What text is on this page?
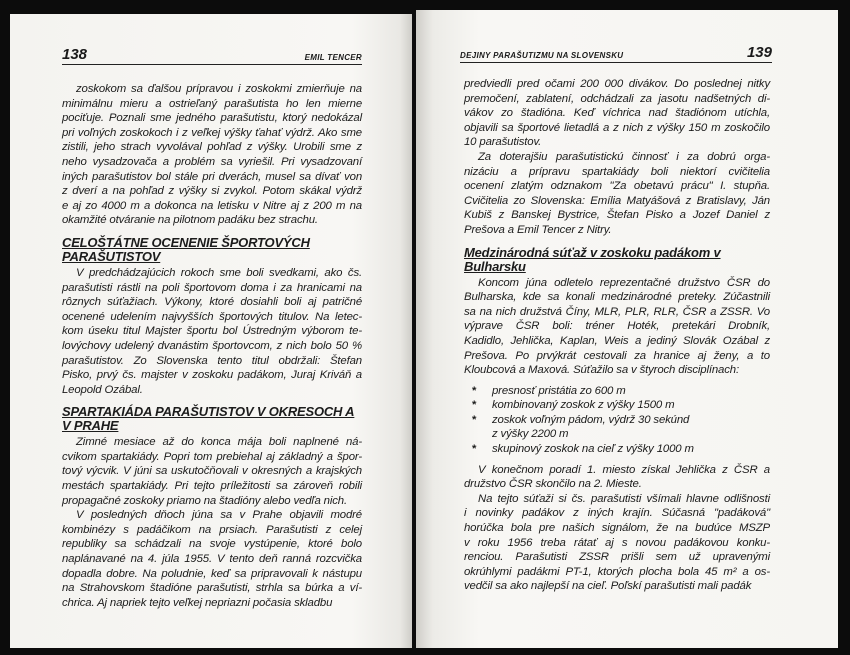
138	EMIL TENCER
zoskokom sa ďalšou prípravou i zoskokmi zmierňuje na
minimálnu mieru a ostrieľaný parašutista ho len mierne
pociťuje. Poznali sme jedného parašutistu, ktorý nedokázal
pri voľných zoskokoch i z veľkej výšky ťahať výdrž. Ako sme
zistili, jeho strach vyvolával pohľad z výšky. Urobili sme z
neho vysadzovača a problém sa vyriešil. Pri vysadzovaní
iných parašutistov bol stále pri dverách, musel sa dívať von
z dverí a na pohľad z výšky si zvykol. Potom skákal výdrž
e aj zo 4000 m a dokonca na letisku v Nitre aj z 200 m na
okamžité otváranie na pilotnom padáku bez strachu.
CELOŠTÁTNE OCENENIE ŠPORTOVÝCH
PARAŠUTISTOV
V predchádzajúcich rokoch sme boli svedkami, ako čs.
parašutisti rástli na poli športovom doma i za hranicami na
rôznych súťažiach. Výkony, ktoré dosiahli boli aj patričné
ocenené udelením najvyšších športových titulov. Na letec-
kom úseku titul Majster športu bol Ústredným výborom te-
lovýchovy udelený dvanástim športovcom, z nich bolo 50 %
parašutistov. Zo Slovenska tento titul obdržali: Štefan
Pisko, prvý čs. majster v zoskoku padákom, Juraj Kriváň a
Leopold Ozábal.
SPARTAKIÁDA PARAŠUTISTOV V OKRESOCH A
V PRAHE
Zimné mesiace až do konca mája boli naplnené ná-
cvikom spartakiády. Popri tom prebiehal aj základný a špor-
tový výcvik. V júni sa uskutočňovali v okresných a krajských
mestách spartakiády. Pri tejto príležitosti sa zároveň robili
propagačné zoskoky priamo na štadióny alebo vedľa nich.
V posledných dňoch júna sa v Prahe objavili modré
kombinézy s padáčikom na prsiach. Parašutisti z celej
republiky sa schádzali na svoje vystúpenie, ktoré bolo
naplánavané na 4. júla 1955. V tento deň ranná rozcvička
dopadla dobre. Na poludnie, keď sa pripravovali k nástupu
na Strahovskom štadióne parašutisti, strhla sa búrka a ví-
chrica. Aj napriek tejto veľkej nepriazni počasia skladbu
DEJINY PARAŠUTIZMU NA SLOVENSKU	139
predviedli pred očami 200 000 divákov. Do poslednej nitky
premočení, zablatení, odchádzali za jasotu nadšetných di-
vákov zo štadióna. Keď víchrica nad štadiónom utíchla,
objavili sa športové lietadlá a z nich z výšky 150 m zoskočilo
10 parašutistov.
Za doterajšiu parašutistickú činnosť i za dobrú orga-
nizáciu a prípravu spartakiády boli niektorí cvičitelia
ocenení zlatým odznakom "Za obetavú prácu" I. stupňa.
Cvičitelia zo Slovenska: Emília Matyášová z Bratislavy, Ján
Kubiš z Banskej Bystrice, Štefan Pisko a Jozef Daniel z
Prešova a Emil Tencer z Nitry.
Medzinárodná súťaž v zoskoku padákom v
Bulharsku
Koncom júna odletelo reprezentačné družstvo ČSR do
Bulharska, kde sa konali medzinárodné preteky. Zúčastnili
sa na nich družstvá Číny, MLR, PLR, RLR, ČSR a ZSSR. Vo
výprave ČSR boli: tréner Hoték, pretekári Drobník,
Kadidlo, Jehlička, Kaplan, Weis a jediný Slovák Ozábal z
Prešova. Po prvýkrát cestovali za hranice aj ženy, a to
Kloubcová a Maxová. Súťažilo sa v štyroch disciplínach:
*	presnosť pristátia zo 600 m
*	kombinovaný zoskok z výšky 1500 m
*	zoskok voľným pádom, výdrž 30 sekúnd
z výšky 2200 m
*	skupinový zoskok na cieľ z výšky 1000 m
V konečnom poradí 1. miesto získal Jehlička z ČSR a
družstvo ČSR skončilo na 2. Mieste.
Na tejto súťaži si čs. parašutisti všímali hlavne odlišnosti
i novinky padákov z iných krajín. Súčasná "padáková"
horúčka bola pre našich signálom, že na budúce MSZP
v roku 1956 treba rátať aj s novou padákovou konku-
renciou. Parašutisti ZSSR prišli sem už upravenými
okrúhlymi padákmi PT-1, ktorých plocha bola 45 m² a os-
vedčil sa ako najlepší na cieľ. Poľskí parašutisti mali padák
